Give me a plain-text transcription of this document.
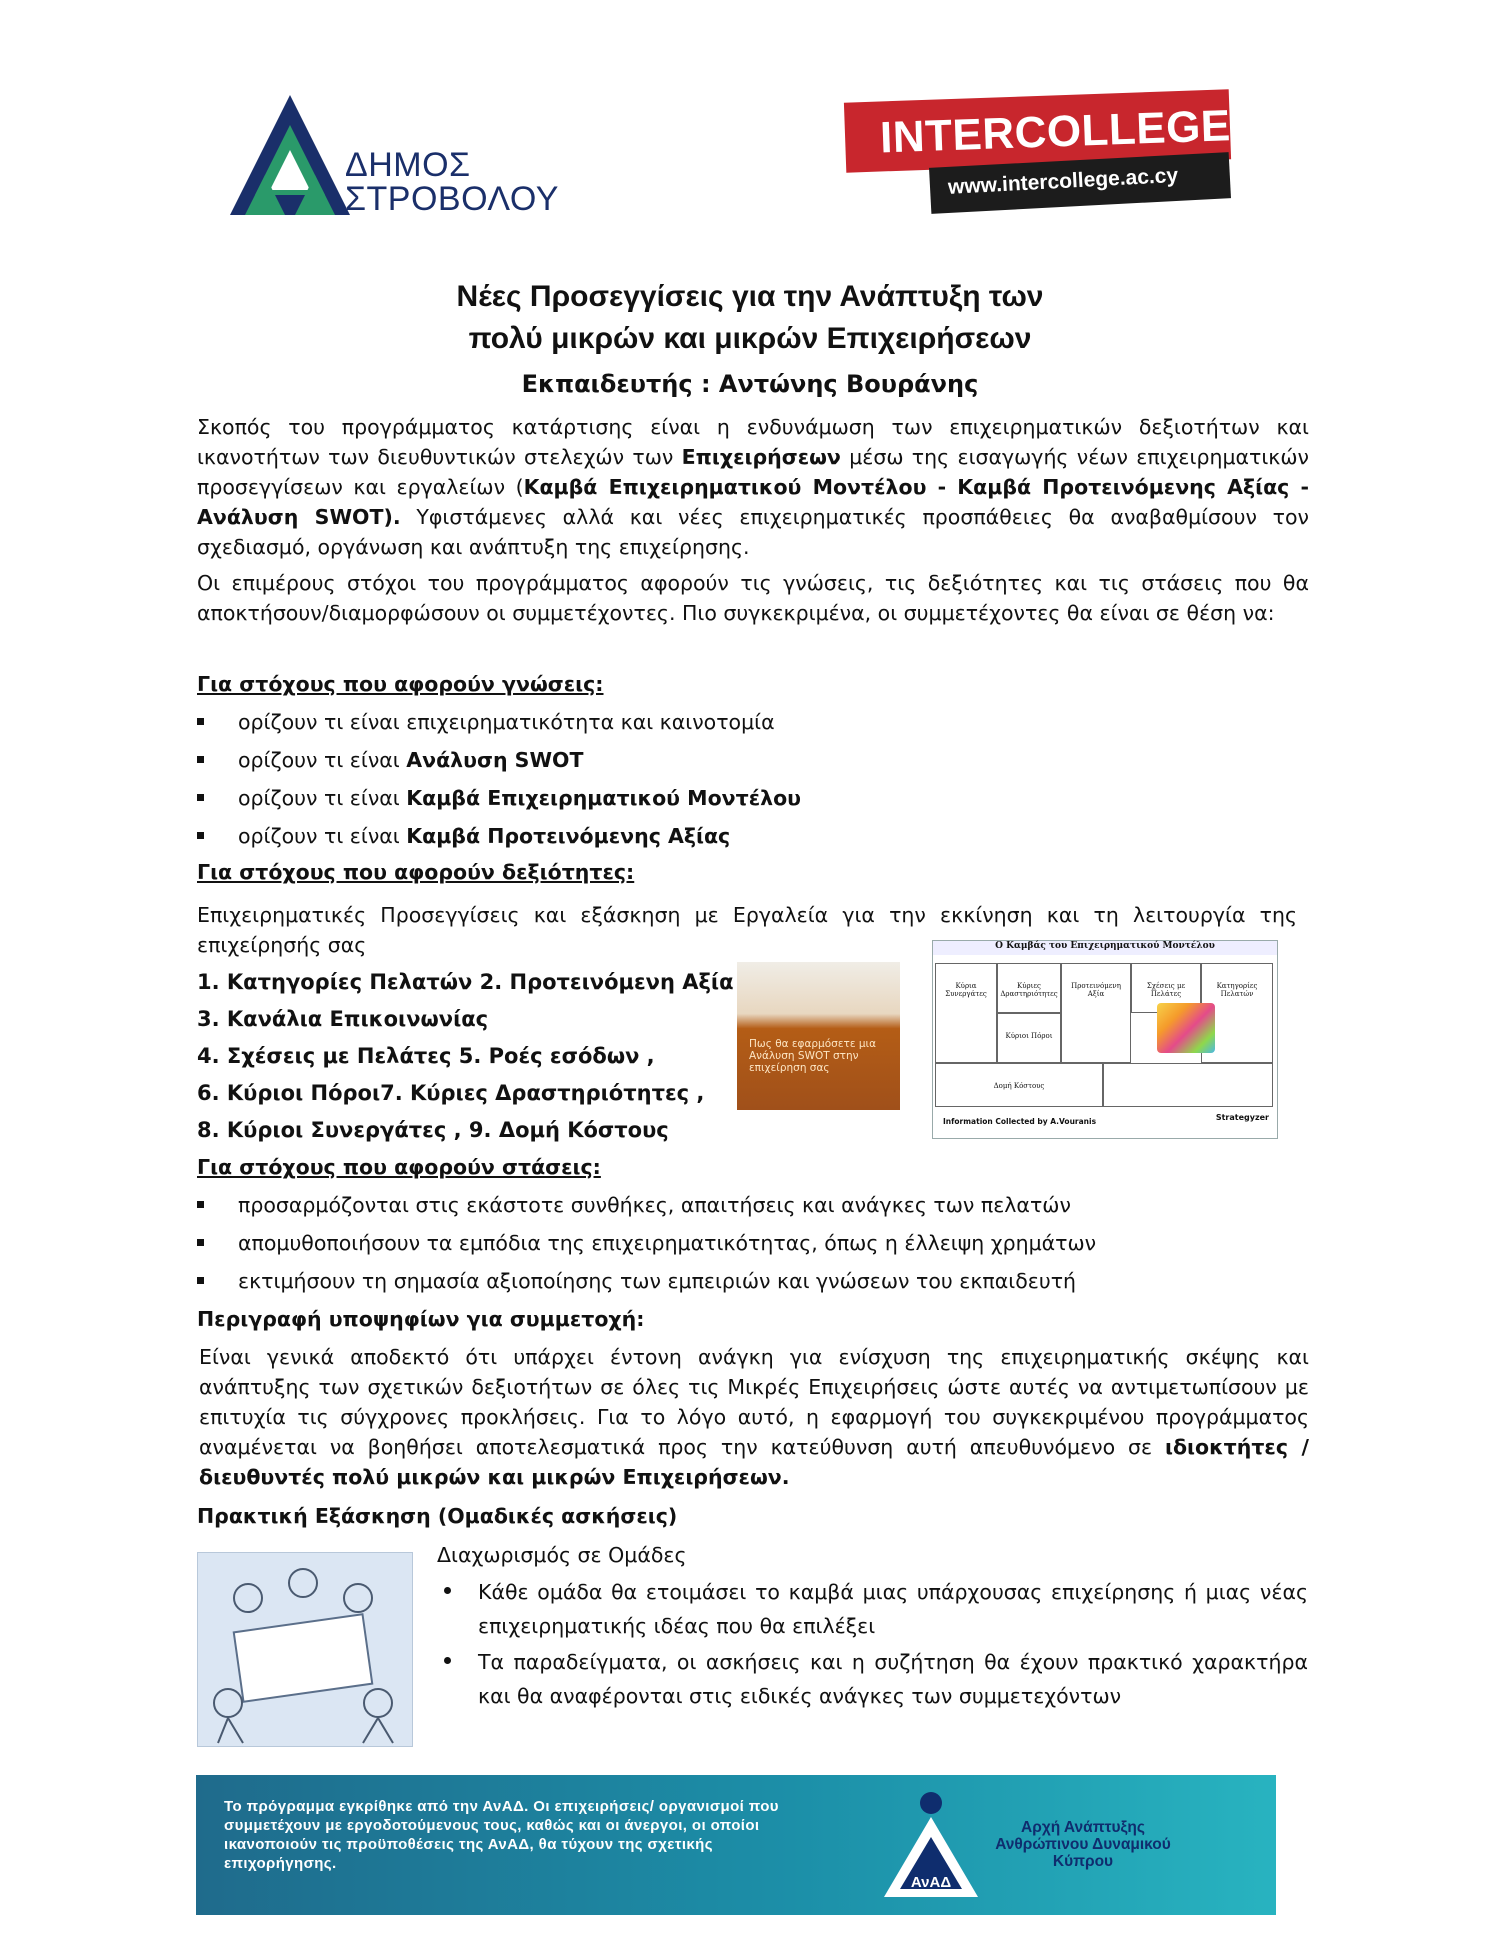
ΔΗΜΟΣ
ΣΤΡΟΒΟΛΟΥ
INTERCOLLEGE
www.intercollege.ac.cy
Νέες Προσεγγίσεις για την Ανάπτυξη των
πολύ μικρών και μικρών Επιχειρήσεων
Εκπαιδευτής : Αντώνης Βουράνης
Σκοπός του προγράμματος κατάρτισης είναι η ενδυνάμωση των επιχειρηματικών δεξιοτήτων και ικανοτήτων των διευθυντικών στελεχών των Επιχειρήσεων μέσω της εισαγωγής νέων επιχειρηματικών προσεγγίσεων και εργαλείων (Καμβά Επιχειρηματικού Μοντέλου - Καμβά Προτεινόμενης Αξίας - Ανάλυση SWOT). Υφιστάμενες αλλά και νέες επιχειρηματικές προσπάθειες θα αναβαθμίσουν τον σχεδιασμό, οργάνωση και ανάπτυξη της επιχείρησης.
Οι επιμέρους στόχοι του προγράμματος αφορούν τις γνώσεις, τις δεξιότητες και τις στάσεις που θα αποκτήσουν/διαμορφώσουν οι συμμετέχοντες. Πιο συγκεκριμένα, οι συμμετέχοντες θα είναι σε θέση να:
Για στόχους που αφορούν γνώσεις:
ορίζουν τι είναι επιχειρηματικότητα και καινοτομία
ορίζουν τι είναι Ανάλυση SWOT
ορίζουν τι είναι Καμβά Επιχειρηματικού Μοντέλου
ορίζουν τι είναι Καμβά Προτεινόμενης Αξίας
Για στόχους που αφορούν δεξιότητες:
Επιχειρηματικές Προσεγγίσεις και εξάσκηση με Εργαλεία για την εκκίνηση και τη λειτουργία της επιχείρησής σας
1. Κατηγορίες Πελατών 2. Προτεινόμενη Αξία
3. Κανάλια Επικοινωνίας
4. Σχέσεις με Πελάτες 5. Ροές εσόδων ,
6. Κύριοι Πόροι7. Κύριες Δραστηριότητες ,
8. Κύριοι Συνεργάτες , 9. Δομή Κόστους
Πως θα εφαρμόσετε μια Ανάλυση SWOT στην επιχείρηση σας
Ο Καμβάς του Επιχειρηματικού Μοντέλου
Κύρια Συνεργάτες
Κύριες Δραστηριότητες
Προτεινόμενη Αξία
Σχέσεις με Πελάτες
Κατηγορίες Πελατών
Κύριοι Πόροι
Δομή Κόστους
Information Collected by A.Vouranis	Strategyzer
Για στόχους που αφορούν στάσεις:
προσαρμόζονται στις εκάστοτε συνθήκες, απαιτήσεις και ανάγκες των πελατών
απομυθοποιήσουν τα εμπόδια της επιχειρηματικότητας, όπως η έλλειψη χρημάτων
εκτιμήσουν τη σημασία αξιοποίησης των εμπειριών και γνώσεων του εκπαιδευτή
Περιγραφή υποψηφίων για συμμετοχή:
Είναι γενικά αποδεκτό ότι υπάρχει έντονη ανάγκη για ενίσχυση της επιχειρηματικής σκέψης και ανάπτυξης των σχετικών δεξιοτήτων σε όλες τις Μικρές Επιχειρήσεις ώστε αυτές να αντιμετωπίσουν με επιτυχία τις σύγχρονες προκλήσεις. Για το λόγο αυτό, η εφαρμογή του συγκεκριμένου προγράμματος αναμένεται να βοηθήσει αποτελεσματικά προς την κατεύθυνση αυτή απευθυνόμενο σε ιδιοκτήτες /διευθυντές πολύ μικρών και μικρών Επιχειρήσεων.
Πρακτική Εξάσκηση (Ομαδικές ασκήσεις)
Διαχωρισμός σε Ομάδες
Κάθε ομάδα θα ετοιμάσει το καμβά μιας υπάρχουσας επιχείρησης ή μιας νέας επιχειρηματικής ιδέας που θα επιλέξει
Τα παραδείγματα, οι ασκήσεις και η συζήτηση θα έχουν πρακτικό χαρακτήρα και θα αναφέρονται στις ειδικές ανάγκες των συμμετεχόντων
Το πρόγραμμα εγκρίθηκε από την ΑνΑΔ. Οι επιχειρήσεις/ οργανισμοί που συμμετέχουν με εργοδοτούμενους τους, καθώς και οι άνεργοι, οι οποίοι ικανοποιούν τις προϋποθέσεις της ΑνΑΔ, θα τύχουν της σχετικής επιχορήγησης.
ΑνΑΔ
Αρχή Ανάπτυξης Ανθρώπινου Δυναμικού Κύπρου
